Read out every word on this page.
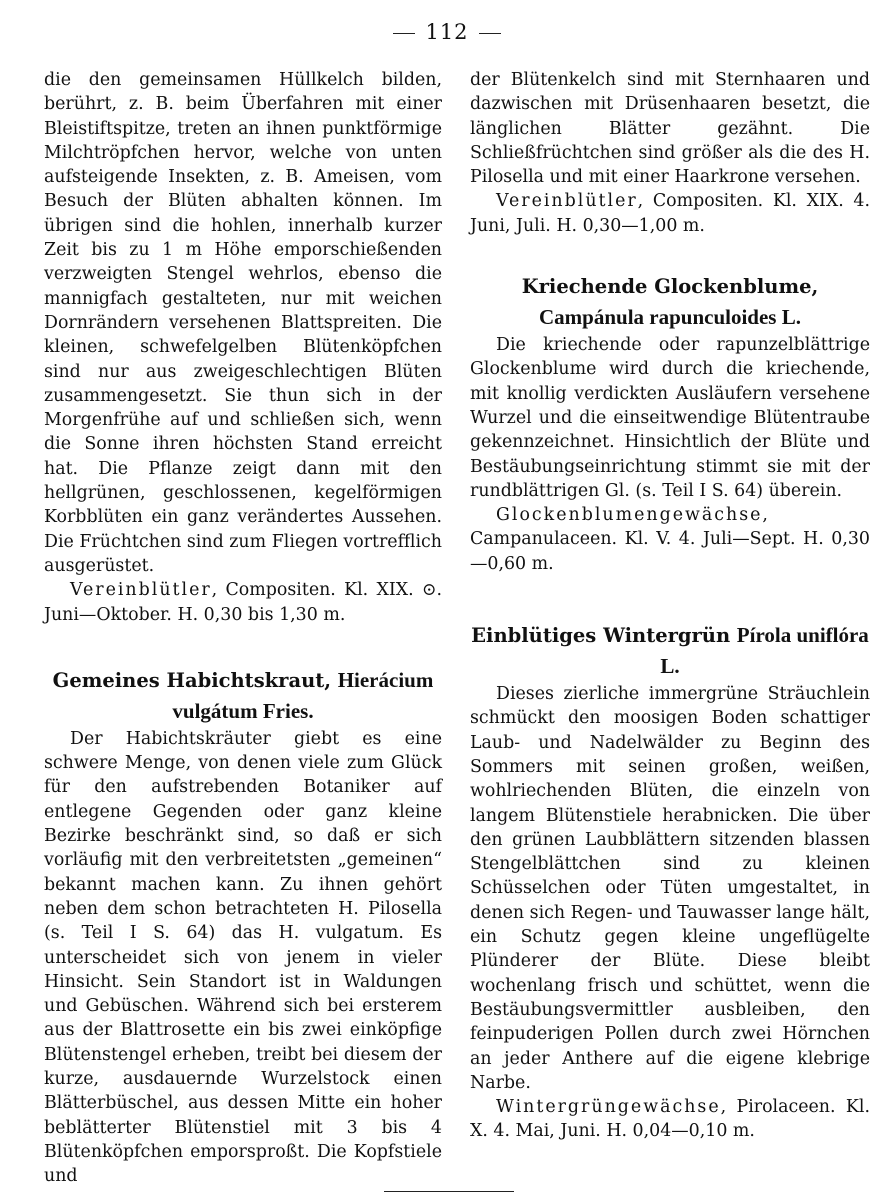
112

die den gemeinsamen Hüllkelch bilden, berührt, z. B. beim Überfahren mit einer Bleistiftspitze, treten an ihnen punktförmige Milchtröpfchen hervor, welche von unten aufsteigende Insekten, z. B. Ameisen, vom Besuch der Blüten abhalten können. Im übrigen sind die hohlen, innerhalb kurzer Zeit bis zu 1 m Höhe emporschießenden verzweigten Stengel wehrlos, ebenso die mannigfach gestalteten, nur mit weichen Dornrändern versehenen Blattspreiten. Die kleinen, schwefelgelben Blütenköpfchen sind nur aus zweigeschlechtigen Blüten zusammengesetzt. Sie thun sich in der Morgenfrühe auf und schließen sich, wenn die Sonne ihren höchsten Stand erreicht hat. Die Pflanze zeigt dann mit den hellgrünen, geschlossenen, kegelförmigen Korbblüten ein ganz verändertes Aussehen. Die Früchtchen sind zum Fliegen vortrefflich ausgerüstet.

Vereinblütler, Compositen. Kl. XIX. ⊙. Juni—Oktober. H. 0,30 bis 1,30 m.

Gemeines Habichtskraut, Hierácium vulgátum Fries.

Der Habichtskräuter giebt es eine schwere Menge, von denen viele zum Glück für den aufstrebenden Botaniker auf entlegene Gegenden oder ganz kleine Bezirke beschränkt sind, so daß er sich vorläufig mit den verbreitetsten „gemeinen“ bekannt machen kann. Zu ihnen gehört neben dem schon betrachteten H. Pilosella (s. Teil I S. 64) das H. vulgatum. Es unterscheidet sich von jenem in vieler Hinsicht. Sein Standort ist in Waldungen und Gebüschen. Während sich bei ersterem aus der Blattrosette ein bis zwei einköpfige Blütenstengel erheben, treibt bei diesem der kurze, ausdauernde Wurzelstock einen Blätterbüschel, aus dessen Mitte ein hoher beblätterter Blütenstiel mit 3 bis 4 Blütenköpfchen emporsproßt. Die Kopfstiele und

der Blütenkelch sind mit Sternhaaren und dazwischen mit Drüsenhaaren besetzt, die länglichen Blätter gezähnt. Die Schließfrüchtchen sind größer als die des H. Pilosella und mit einer Haarkrone versehen.

Vereinblütler, Compositen. Kl. XIX. 4. Juni, Juli. H. 0,30—1,00 m.

Kriechende Glockenblume, Campánula rapunculoides L.

Die kriechende oder rapunzelblättrige Glockenblume wird durch die kriechende, mit knollig verdickten Ausläufern versehene Wurzel und die einseitwendige Blütentraube gekennzeichnet. Hinsichtlich der Blüte und Bestäubungseinrichtung stimmt sie mit der rundblättrigen Gl. (s. Teil I S. 64) überein.

Glockenblumengewächse, Campanulaceen. Kl. V. 4. Juli—Sept. H. 0,30—0,60 m.

Einblütiges Wintergrün Pírola uniflóra L.

Dieses zierliche immergrüne Sträuchlein schmückt den moosigen Boden schattiger Laub- und Nadelwälder zu Beginn des Sommers mit seinen großen, weißen, wohlriechenden Blüten, die einzeln von langem Blütenstiele herabnicken. Die über den grünen Laubblättern sitzenden blassen Stengelblättchen sind zu kleinen Schüsselchen oder Tüten umgestaltet, in denen sich Regen- und Tauwasser lange hält, ein Schutz gegen kleine ungeflügelte Plünderer der Blüte. Diese bleibt wochenlang frisch und schüttet, wenn die Bestäubungsvermittler ausbleiben, den feinpuderigen Pollen durch zwei Hörnchen an jeder Anthere auf die eigene klebrige Narbe.

Wintergrüngewächse, Pirolaceen. Kl. X. 4. Mai, Juni. H. 0,04—0,10 m.
